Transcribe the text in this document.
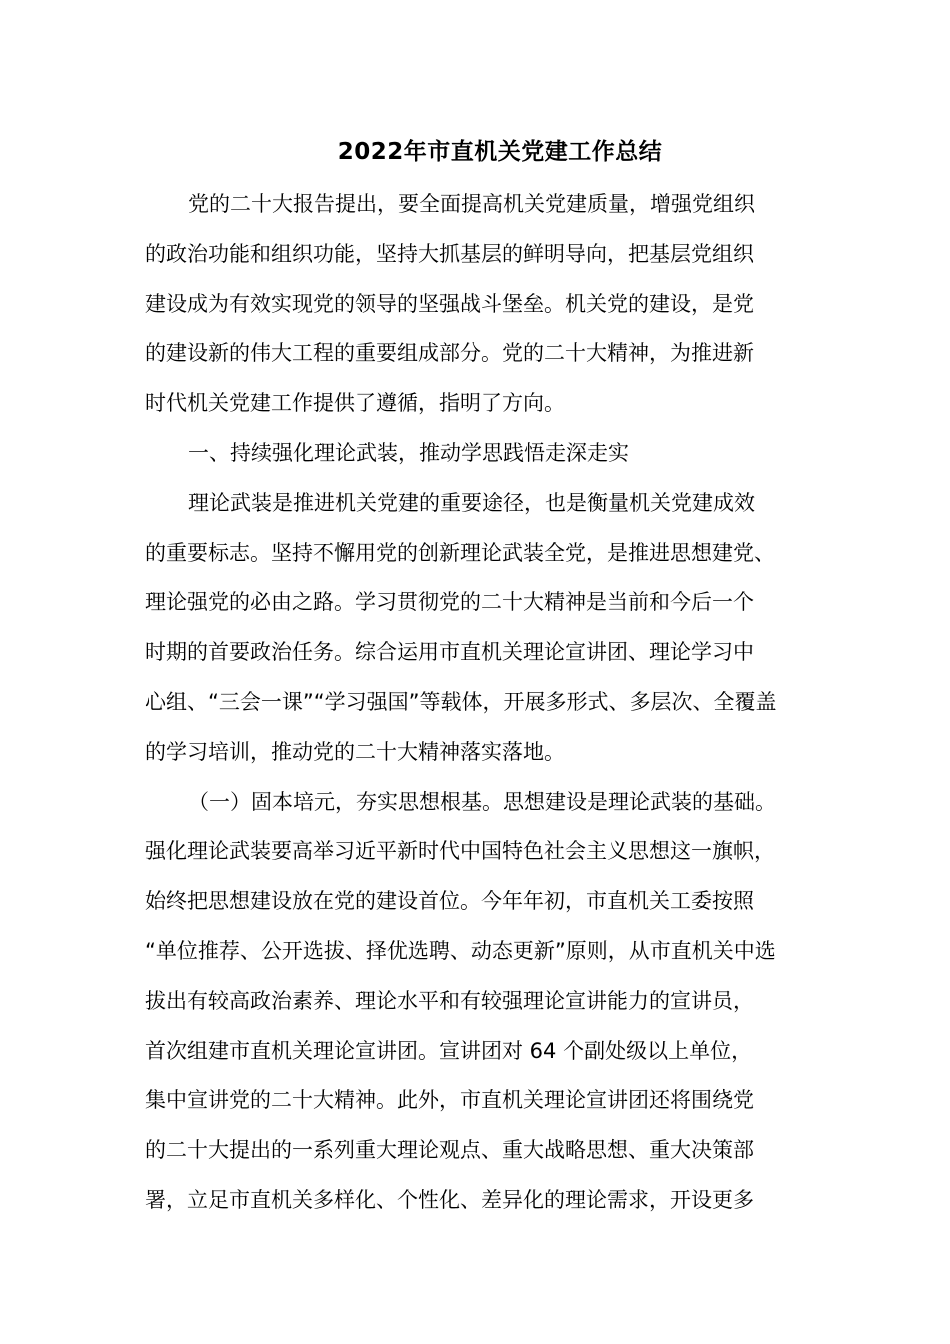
2022年市直机关党建工作总结
党的二十大报告提出，要全面提高机关党建质量，增强党组织
的政治功能和组织功能，坚持大抓基层的鲜明导向，把基层党组织
建设成为有效实现党的领导的坚强战斗堡垒。机关党的建设，是党
的建设新的伟大工程的重要组成部分。党的二十大精神，为推进新
时代机关党建工作提供了遵循，指明了方向。
一、持续强化理论武装，推动学思践悟走深走实
理论武装是推进机关党建的重要途径，也是衡量机关党建成效
的重要标志。坚持不懈用党的创新理论武装全党，是推进思想建党、
理论强党的必由之路。学习贯彻党的二十大精神是当前和今后一个
时期的首要政治任务。综合运用市直机关理论宣讲团、理论学习中
心组、“三会一课”“学习强国”等载体，开展多形式、多层次、全覆盖
的学习培训，推动党的二十大精神落实落地。
（一）固本培元，夯实思想根基。思想建设是理论武装的基础。
强化理论武装要高举习近平新时代中国特色社会主义思想这一旗帜，
始终把思想建设放在党的建设首位。今年年初，市直机关工委按照
“单位推荐、公开选拔、择优选聘、动态更新”原则，从市直机关中选
拔出有较高政治素养、理论水平和有较强理论宣讲能力的宣讲员，
首次组建市直机关理论宣讲团。宣讲团对 64 个副处级以上单位，
集中宣讲党的二十大精神。此外，市直机关理论宣讲团还将围绕党
的二十大提出的一系列重大理论观点、重大战略思想、重大决策部
署，立足市直机关多样化、个性化、差异化的理论需求，开设更多
